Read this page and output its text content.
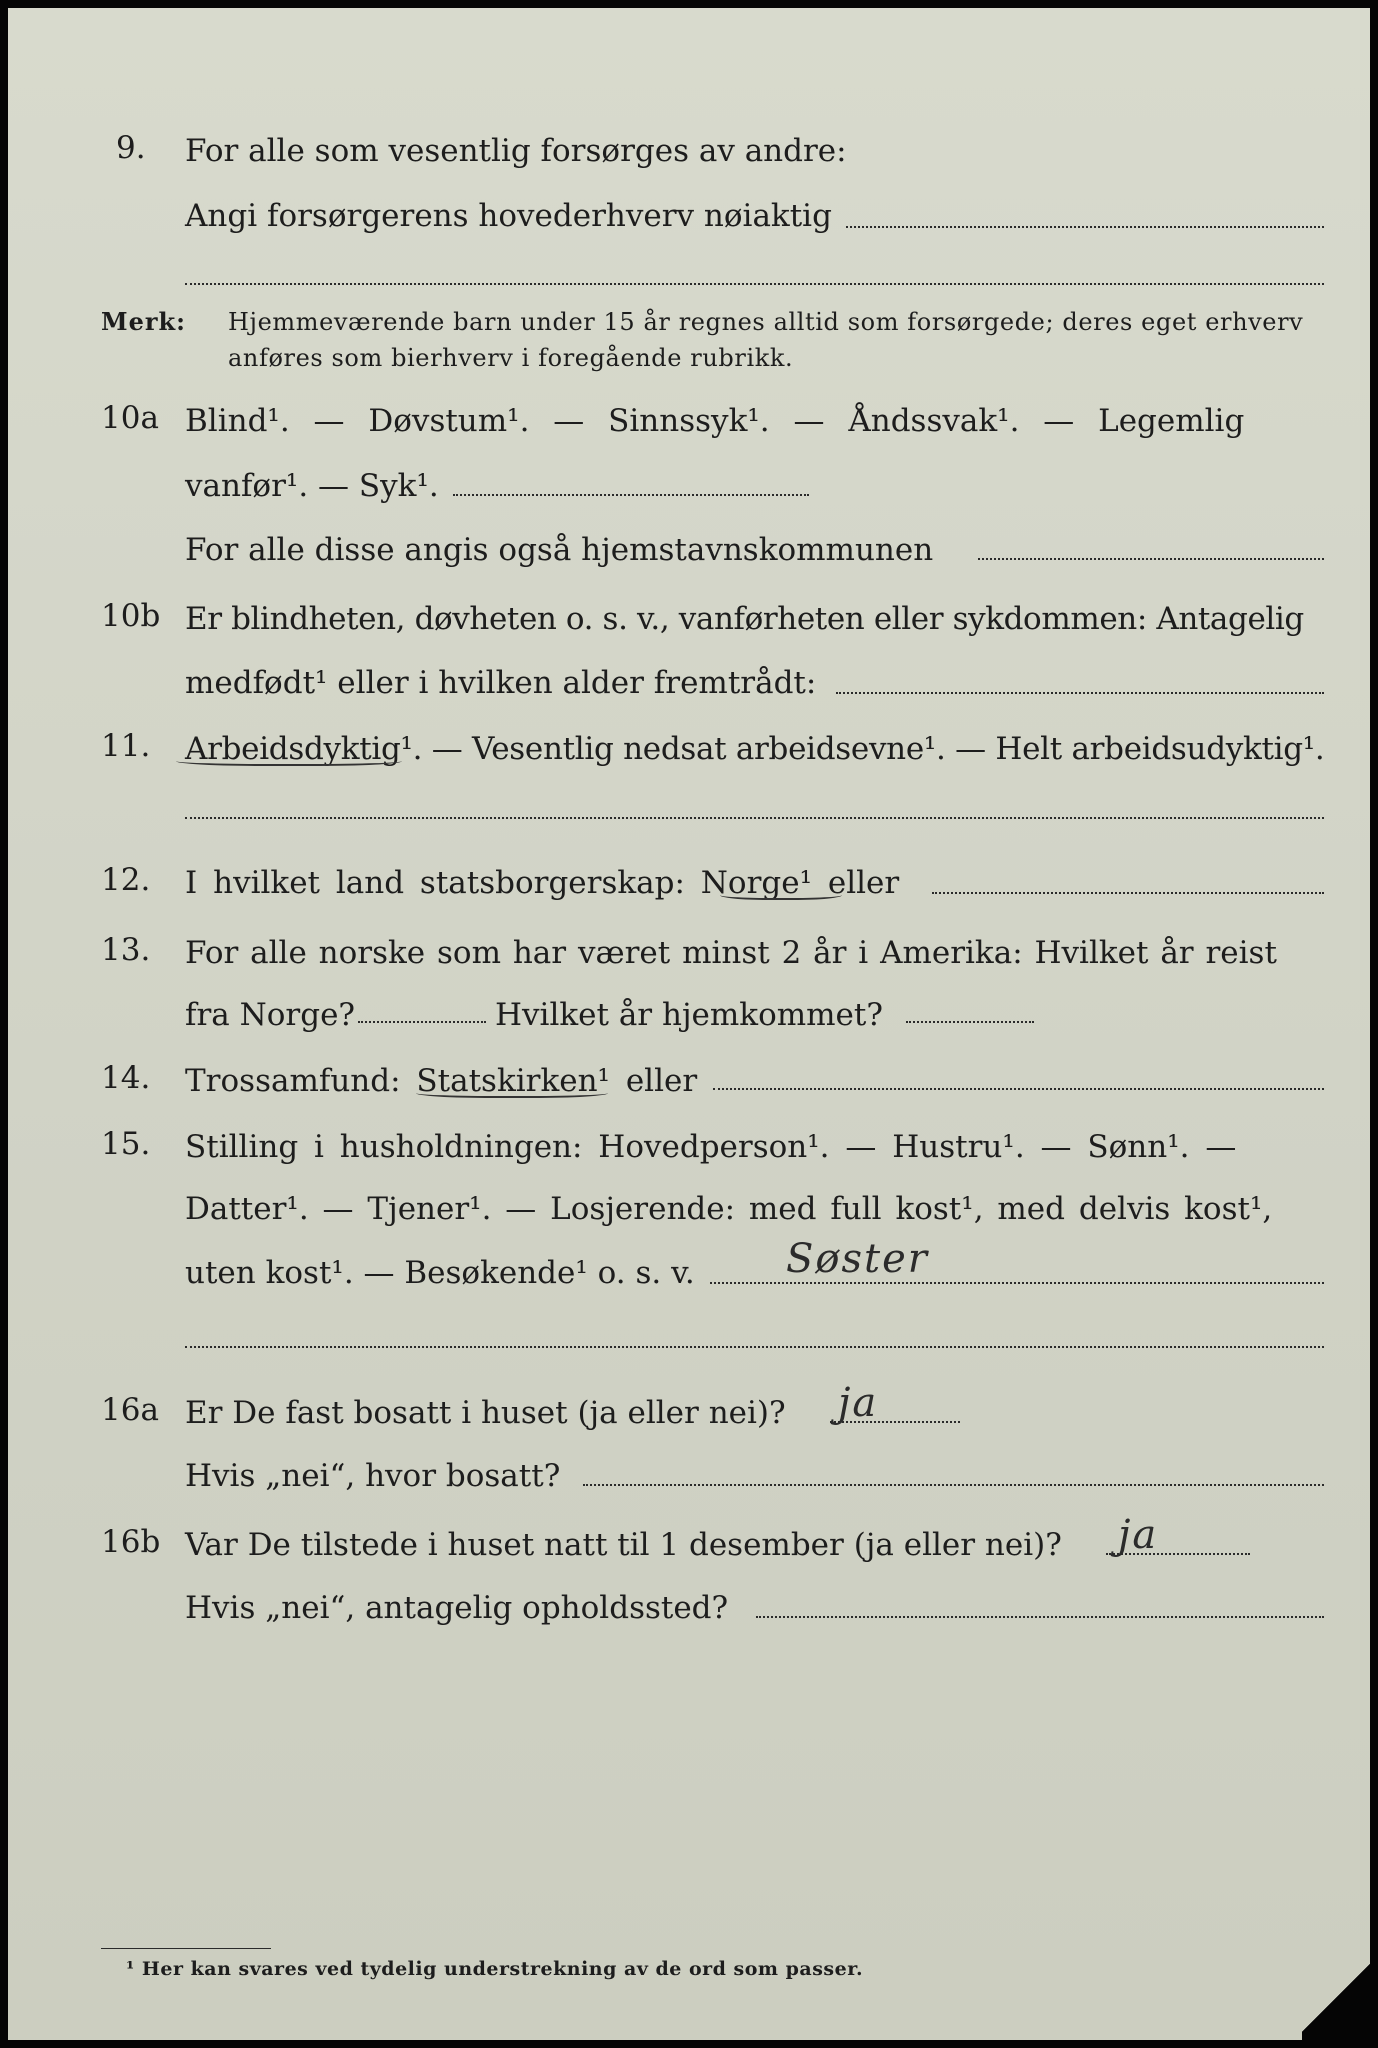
9. For alle som vesentlig forsørges av andre:
Angi forsørgerens hovederhverv nøiaktig
Merk: Hjemmeværende barn under 15 år regnes alltid som forsørgede; deres eget erhverv
anføres som bierhverv i foregående rubrikk.
10a Blind¹. — Døvstum¹. — Sinnssyk¹. — Åndssvak¹. — Legemlig
vanfør¹. — Syk¹.
For alle disse angis også hjemstavnskommunen
10b Er blindheten, døvheten o. s. v., vanførheten eller sykdommen: Antagelig
medfødt¹ eller i hvilken alder fremtrådt:
11. Arbeidsdyktig¹. — Vesentlig nedsat arbeidsevne¹. — Helt arbeidsudyktig¹.
12. I hvilket land statsborgerskap: Norge¹ eller
13. For alle norske som har været minst 2 år i Amerika: Hvilket år reist
fra Norge?	Hvilket år hjemkommet?
14. Trossamfund: Statskirken¹ eller
15. Stilling i husholdningen: Hovedperson¹. — Hustru¹. — Sønn¹. —
Datter¹. — Tjener¹. — Losjerende: med full kost¹, med delvis kost¹,
uten kost¹. — Besøkende¹ o. s. v. Søster
16a Er De fast bosatt i huset (ja eller nei)? ja
Hvis „nei“, hvor bosatt?
16b Var De tilstede i huset natt til 1 desember (ja eller nei)? ja
Hvis „nei“, antagelig opholdssted?
¹ Her kan svares ved tydelig understrekning av de ord som passer.
